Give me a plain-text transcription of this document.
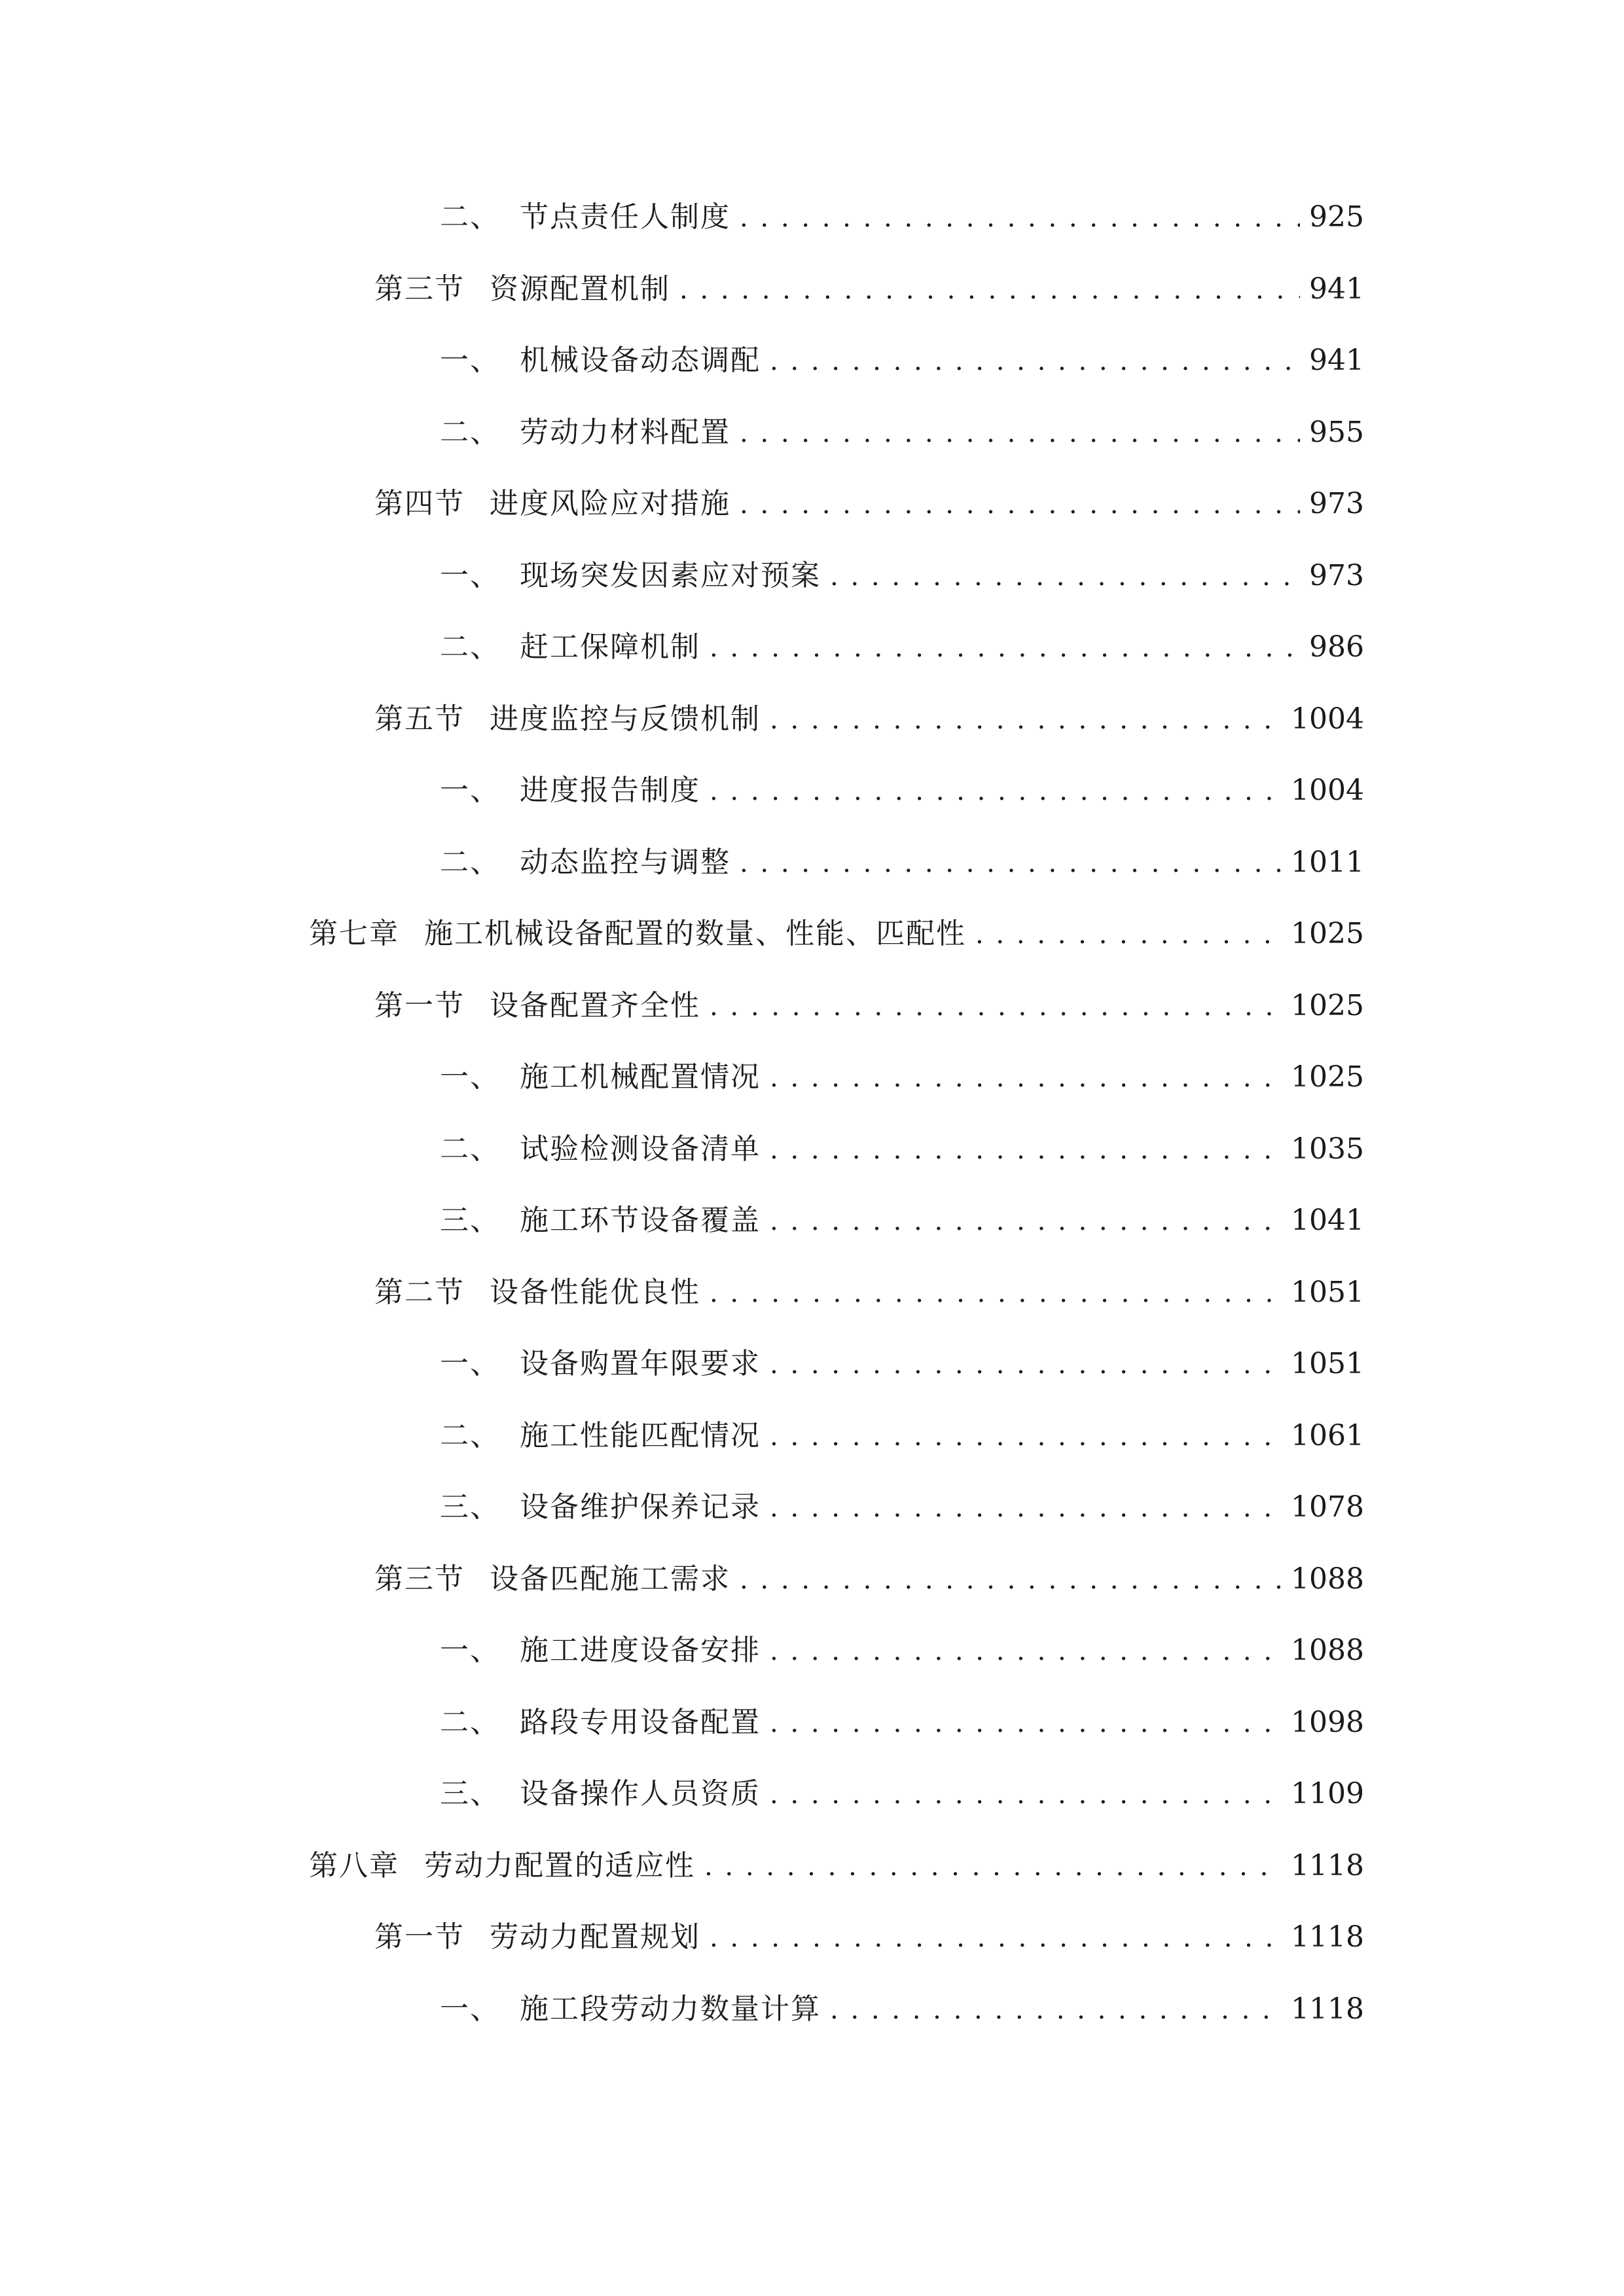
二、 节点责任人制度 . . .	925
第三节 资源配置机制 . . .	941
一、 机械设备动态调配 . . .	941
二、 劳动力材料配置 . . .	955
第四节 进度风险应对措施 . . .	973
一、 现场突发因素应对预案 . . .	973
二、 赶工保障机制 . . .	986
第五节 进度监控与反馈机制 . . .	1004
一、 进度报告制度 . . .	1004
二、 动态监控与调整 . . .	1011
第七章 施工机械设备配置的数量、性能、匹配性 . . .	1025
第一节 设备配置齐全性 . . .	1025
一、 施工机械配置情况 . . .	1025
二、 试验检测设备清单 . . .	1035
三、 施工环节设备覆盖 . . .	1041
第二节 设备性能优良性 . . .	1051
一、 设备购置年限要求 . . .	1051
二、 施工性能匹配情况 . . .	1061
三、 设备维护保养记录 . . .	1078
第三节 设备匹配施工需求 . . .	1088
一、 施工进度设备安排 . . .	1088
二、 路段专用设备配置 . . .	1098
三、 设备操作人员资质 . . .	1109
第八章 劳动力配置的适应性 . . .	1118
第一节 劳动力配置规划 . . .	1118
一、 施工段劳动力数量计算 . . .	1118
